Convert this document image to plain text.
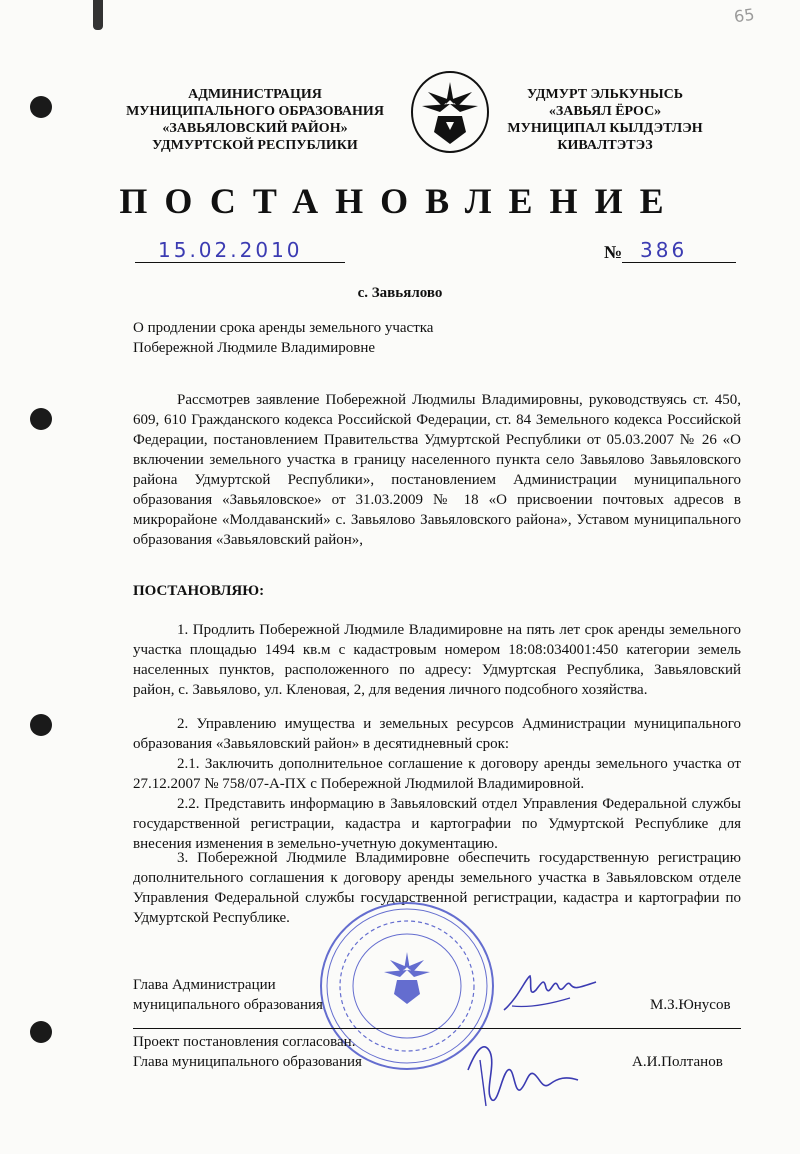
65
АДМИНИСТРАЦИЯ
МУНИЦИПАЛЬНОГО ОБРАЗОВАНИЯ
«ЗАВЬЯЛОВСКИЙ РАЙОН»
УДМУРТСКОЙ РЕСПУБЛИКИ
УДМУРТ ЭЛЬКУНЫСЬ
«ЗАВЬЯЛ ЁРОС»
МУНИЦИПАЛ КЫЛДЭТЛЭН
КИВАЛТЭТЭЗ
ПОСТАНОВЛЕНИЕ
15.02.2010	№ 386
с. Завьялово
О продлении срока аренды земельного участка
Побережной Людмиле Владимировне
Рассмотрев заявление Побережной Людмилы Владимировны, руководствуясь ст. 450, 609, 610 Гражданского кодекса Российской Федерации, ст. 84 Земельного кодекса Российской Федерации, постановлением Правительства Удмуртской Республики от 05.03.2007 № 26 «О включении земельного участка в границу населенного пункта село Завьялово Завьяловского района Удмуртской Республики», постановлением Администрации муниципального образования «Завьяловское» от 31.03.2009 № 18 «О присвоении почтовых адресов в микрорайоне «Молдаванский» с. Завьялово Завьяловского района», Уставом муниципального образования «Завьяловский район»,
ПОСТАНОВЛЯЮ:
1. Продлить Побережной Людмиле Владимировне на пять лет срок аренды земельного участка площадью 1494 кв.м с кадастровым номером 18:08:034001:450 категории земель населенных пунктов, расположенного по адресу: Удмуртская Республика, Завьяловский район, с. Завьялово, ул. Кленовая, 2, для ведения личного подсобного хозяйства.
2. Управлению имущества и земельных ресурсов Администрации муниципального образования «Завьяловский район» в десятидневный срок:
2.1. Заключить дополнительное соглашение к договору аренды земельного участка от 27.12.2007 № 758/07-А-ПХ с Побережной Людмилой Владимировной.
2.2. Представить информацию в Завьяловский отдел Управления Федеральной службы государственной регистрации, кадастра и картографии по Удмуртской Республике для внесения изменения в земельно-учетную документацию.
3. Побережной Людмиле Владимировне обеспечить государственную регистрацию дополнительного соглашения к договору аренды земельного участка в Завьяловском отделе Управления Федеральной службы государственной регистрации, кадастра и картографии по Удмуртской Республике.
Глава Администрации
муниципального образования	М.З.Юнусов
Проект постановления согласован.
Глава муниципального образования	А.И.Полтанов
